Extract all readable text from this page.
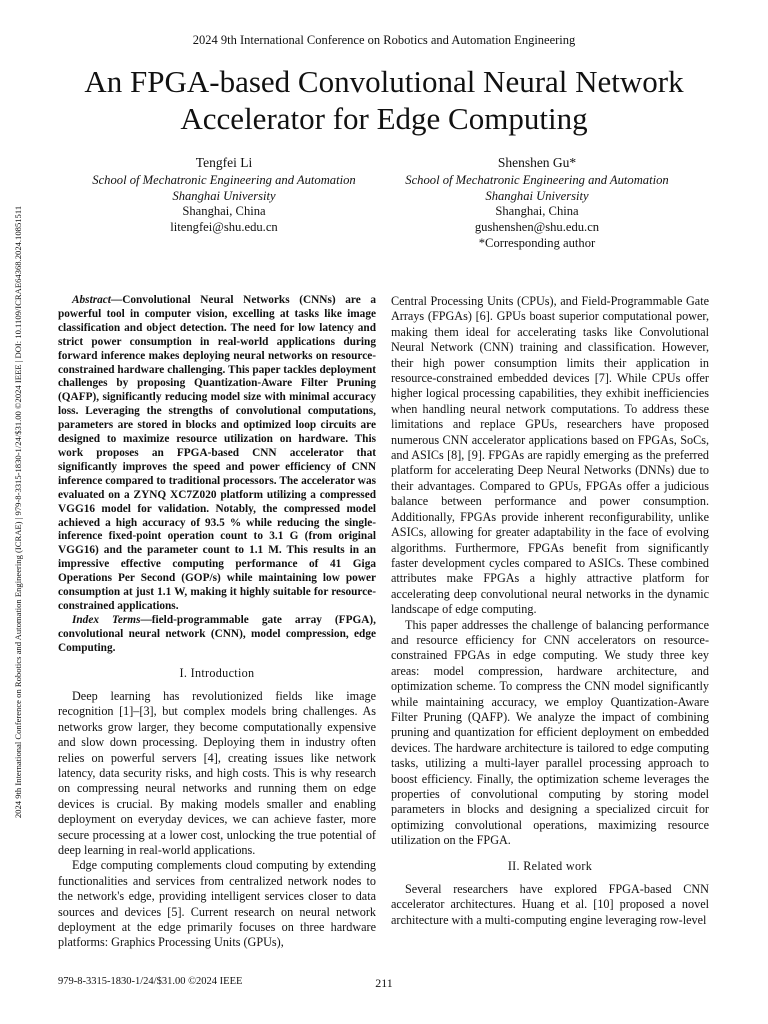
2024 9th International Conference on Robotics and Automation Engineering (ICRAE) | 979-8-3315-1830-1/24/$31.00 ©2024 IEEE | DOI: 10.1109/ICRAE64368.2024.10851511
2024 9th International Conference on Robotics and Automation Engineering
An FPGA-based Convolutional Neural Network
Accelerator for Edge Computing
Tengfei Li
School of Mechatronic Engineering and Automation
Shanghai University
Shanghai, China
litengfei@shu.edu.cn
Shenshen Gu*
School of Mechatronic Engineering and Automation
Shanghai University
Shanghai, China
gushenshen@shu.edu.cn
*Corresponding author

Abstract—Convolutional Neural Networks (CNNs) are a powerful tool in computer vision, excelling at tasks like image classification and object detection. The need for low latency and strict power consumption in real-world applications during forward inference makes deploying neural networks on resource-constrained hardware challenging. This paper tackles deployment challenges by proposing Quantization-Aware Filter Pruning (QAFP), significantly reducing model size with minimal accuracy loss. Leveraging the strengths of convolutional computations, parameters are stored in blocks and optimized loop circuits are designed to maximize resource utilization on hardware. This work proposes an FPGA-based CNN accelerator that significantly improves the speed and power efficiency of CNN inference compared to traditional processors. The accelerator was evaluated on a ZYNQ XC7Z020 platform utilizing a compressed VGG16 model for validation. Notably, the compressed model achieved a high accuracy of 93.5 % while reducing the single-inference fixed-point operation count to 3.1 G (from original VGG16) and the parameter count to 1.1 M. This results in an impressive effective computing performance of 41 Giga Operations Per Second (GOP/s) while maintaining low power consumption at just 1.1 W, making it highly suitable for resource-constrained applications.

Index Terms—field-programmable gate array (FPGA), convolutional neural network (CNN), model compression, edge Computing.

I. Introduction

Deep learning has revolutionized fields like image recognition [1]–[3], but complex models bring challenges. As networks grow larger, they become computationally expensive and slow down processing. Deploying them in industry often relies on powerful servers [4], creating issues like network latency, data security risks, and high costs. This is why research on compressing neural networks and running them on edge devices is crucial. By making models smaller and enabling deployment on everyday devices, we can achieve faster, more secure processing at a lower cost, unlocking the true potential of deep learning in real-world applications.

Edge computing complements cloud computing by extending functionalities and services from centralized network nodes to the network's edge, providing intelligent services closer to data sources and devices [5]. Current research on neural network deployment at the edge primarily focuses on three hardware platforms: Graphics Processing Units (GPUs),

Central Processing Units (CPUs), and Field-Programmable Gate Arrays (FPGAs) [6]. GPUs boast superior computational power, making them ideal for accelerating tasks like Convolutional Neural Network (CNN) training and classification. However, their high power consumption limits their application in resource-constrained embedded devices [7]. While CPUs offer higher logical processing capabilities, they exhibit inefficiencies when handling neural network computations. To address these limitations and replace GPUs, researchers have proposed numerous CNN accelerator applications based on FPGAs, SoCs, and ASICs [8], [9]. FPGAs are rapidly emerging as the preferred platform for accelerating Deep Neural Networks (DNNs) due to their advantages. Compared to GPUs, FPGAs offer a judicious balance between performance and power consumption. Additionally, FPGAs provide inherent reconfigurability, unlike ASICs, allowing for greater adaptability in the face of evolving algorithms. Furthermore, FPGAs benefit from significantly faster development cycles compared to ASICs. These combined attributes make FPGAs a highly attractive platform for accelerating deep convolutional neural networks in the dynamic landscape of edge computing.

This paper addresses the challenge of balancing performance and resource efficiency for CNN accelerators on resource-constrained FPGAs in edge computing. We study three key areas: model compression, hardware architecture, and optimization scheme. To compress the CNN model significantly while maintaining accuracy, we employ Quantization-Aware Filter Pruning (QAFP). We analyze the impact of combining pruning and quantization for efficient deployment on embedded devices. The hardware architecture is tailored to edge computing tasks, utilizing a multi-layer parallel processing approach to boost efficiency. Finally, the optimization scheme leverages the properties of convolutional computing by storing model parameters in blocks and designing a specialized circuit for optimizing convolutional operations, maximizing resource utilization on the FPGA.

II. Related work

Several researchers have explored FPGA-based CNN accelerator architectures. Huang et al. [10] proposed a novel architecture with a multi-computing engine leveraging row-level

979-8-3315-1830-1/24/$31.00 ©2024 IEEE	211
